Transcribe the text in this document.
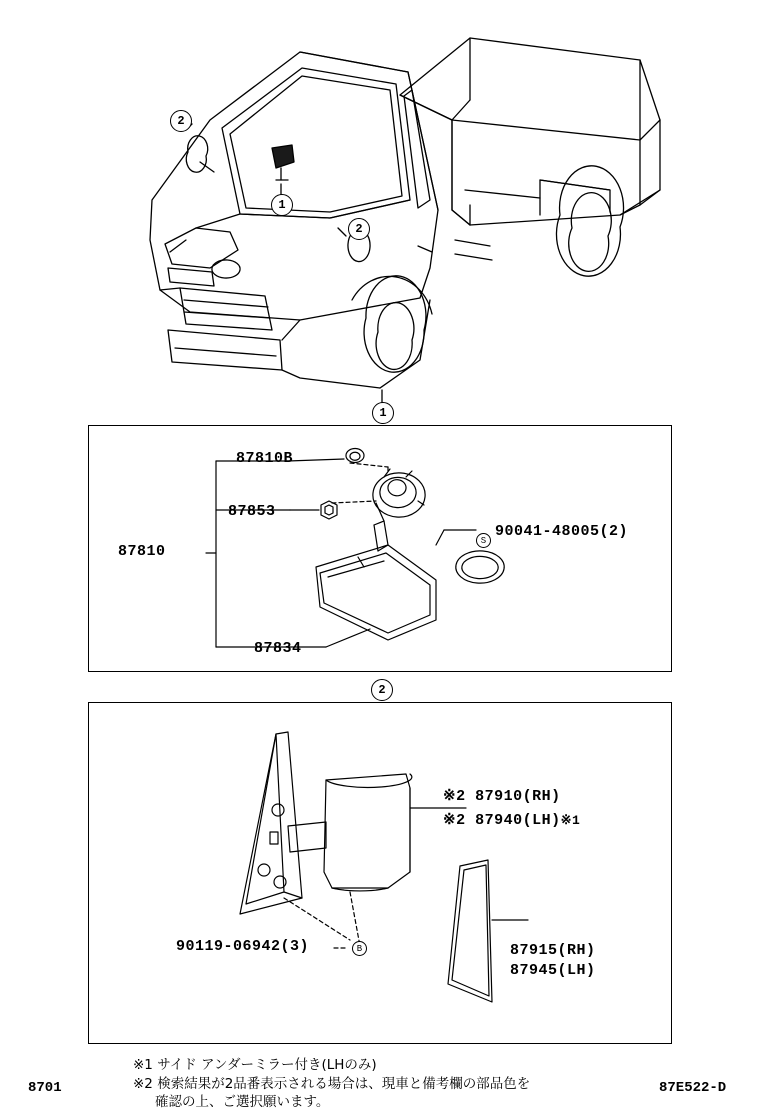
2
1
2
1
87810B
87853
87810
90041-48005(2)
S
87834
2
※2 87910(RH)
※2 87940(LH)※1
87915(RH)
87945(LH)
90119-06942(3)	B
※1 サイド アンダーミラー付き(LHのみ)
※2 検索結果が2品番表示される場合は、現車と備考欄の部品色を
確認の上、ご選択願います。
8701	87E522-D
